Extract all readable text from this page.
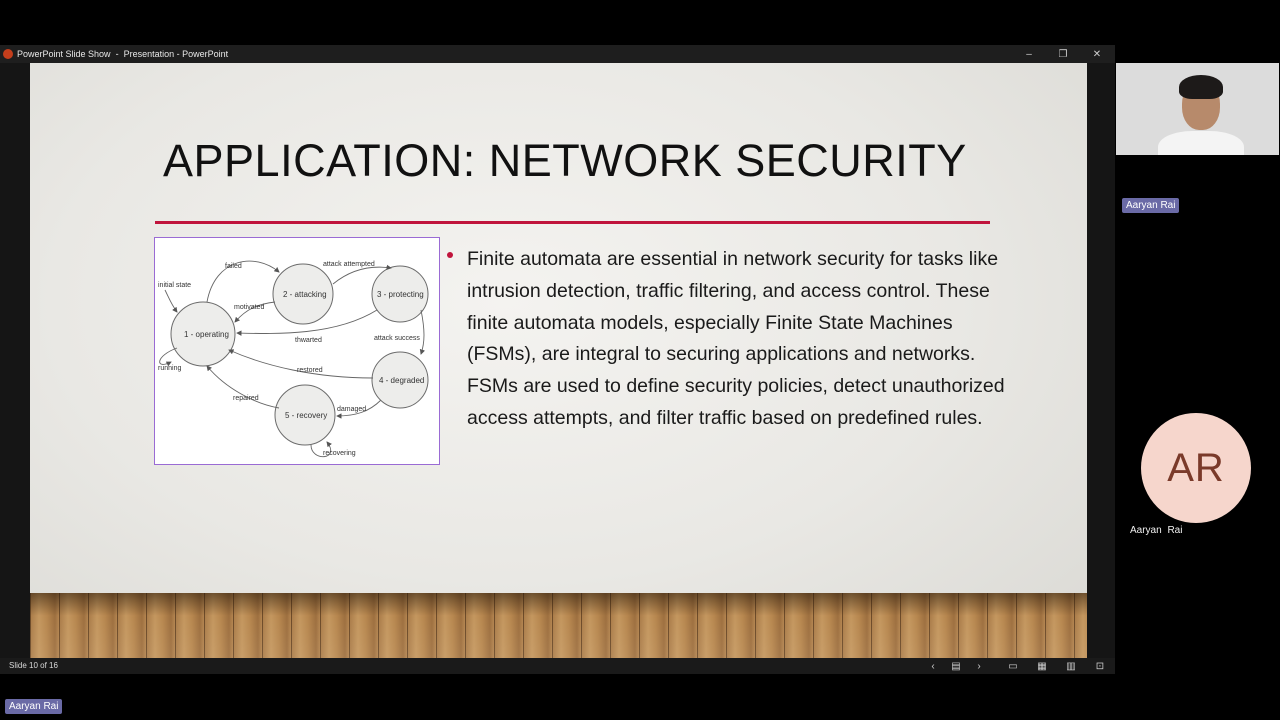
PowerPoint Slide Show - Presentation - PowerPoint	–	❐	✕
APPLICATION: NETWORK SECURITY
1 - operating
2 - attacking	3 - protecting
4 - degraded
5 - recovery
initial state
failed	attack attempted
motivated
thwarted	attack success
running	restored
repaired
damaged
recovering

Finite automata are essential in network security for tasks like intrusion detection, traffic filtering, and access control. These finite automata models, especially Finite State Machines (FSMs), are integral to securing applications and networks. FSMs are used to define security policies, detect unauthorized access attempts, and filter traffic based on predefined rules.

Slide 10 of 16	‹	▤	›	▭	▦	▥	⊡
Aaryan Rai
AR
Aaryan Rai
Aaryan Rai
